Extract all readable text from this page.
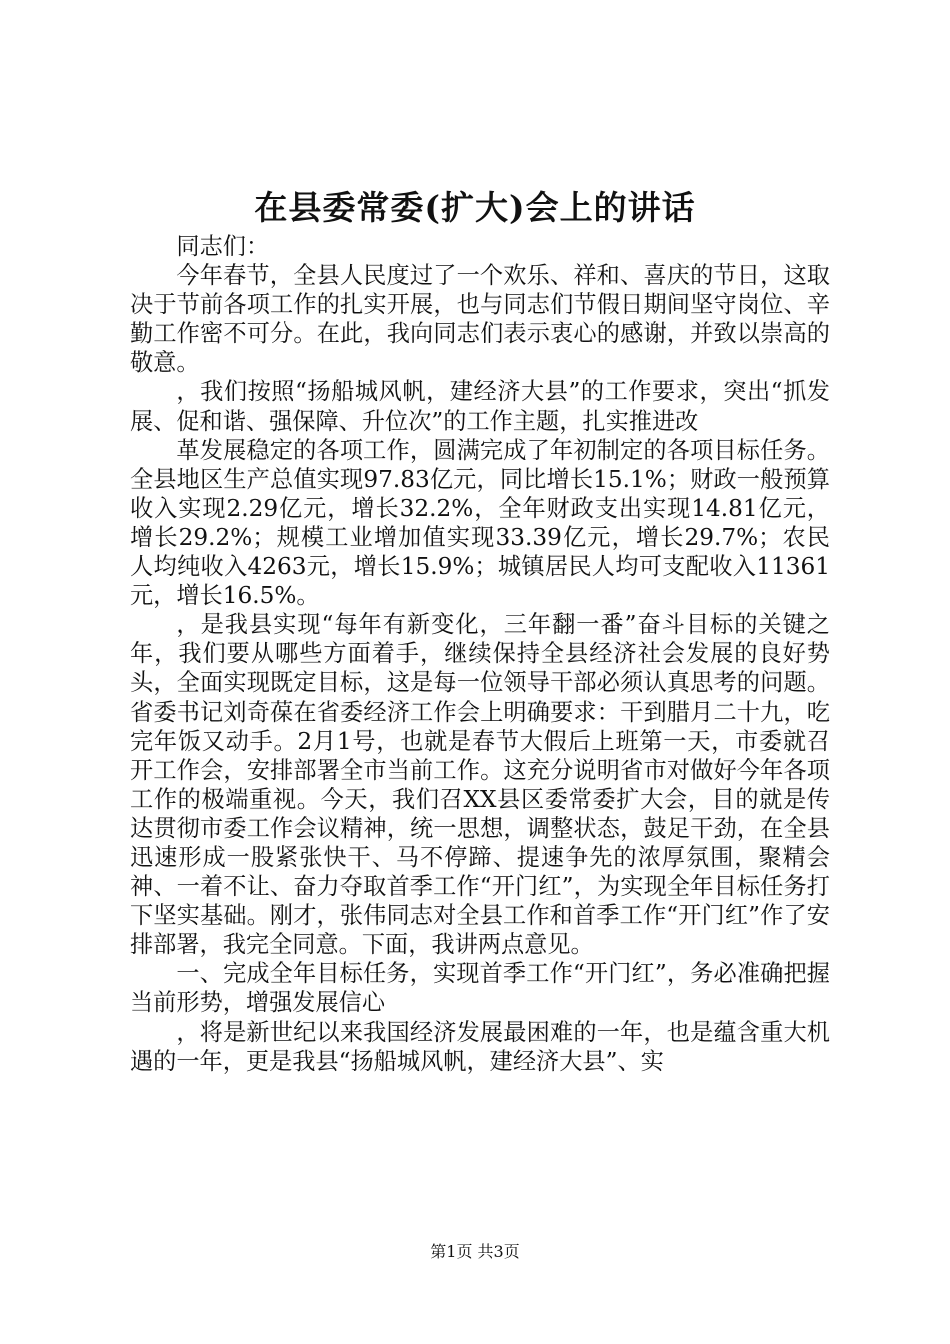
在县委常委(扩大)会上的讲话

同志们：

今年春节，全县人民度过了一个欢乐、祥和、喜庆的节日，这取决于节前各项工作的扎实开展，也与同志们节假日期间坚守岗位、辛勤工作密不可分。在此，我向同志们表示衷心的感谢，并致以崇高的敬意。

，我们按照“扬船城风帆，建经济大县”的工作要求，突出“抓发展、促和谐、强保障、升位次”的工作主题，扎实推进改

革发展稳定的各项工作，圆满完成了年初制定的各项目标任务。全县地区生产总值实现97.83亿元，同比增长15.1%；财政一般预算收入实现2.29亿元，增长32.2%，全年财政支出实现14.81亿元，增长29.2%；规模工业增加值实现33.39亿元，增长29.7%；农民人均纯收入4263元，增长15.9%；城镇居民人均可支配收入11361元，增长16.5%。

，是我县实现“每年有新变化，三年翻一番”奋斗目标的关键之年，我们要从哪些方面着手，继续保持全县经济社会发展的良好势头，全面实现既定目标，这是每一位领导干部必须认真思考的问题。省委书记刘奇葆在省委经济工作会上明确要求：干到腊月二十九，吃完年饭又动手。2月1号，也就是春节大假后上班第一天，市委就召开工作会，安排部署全市当前工作。这充分说明省市对做好今年各项工作的极端重视。今天，我们召XX县区委常委扩大会，目的就是传达贯彻市委工作会议精神，统一思想，调整状态，鼓足干劲，在全县迅速形成一股紧张快干、马不停蹄、提速争先的浓厚氛围，聚精会神、一着不让、奋力夺取首季工作“开门红”，为实现全年目标任务打下坚实基础。刚才，张伟同志对全县工作和首季工作“开门红”作了安排部署，我完全同意。下面，我讲两点意见。

一、完成全年目标任务，实现首季工作“开门红”，务必准确把握当前形势，增强发展信心

，将是新世纪以来我国经济发展最困难的一年，也是蕴含重大机遇的一年，更是我县“扬船城风帆，建经济大县”、实

第1页 共3页
